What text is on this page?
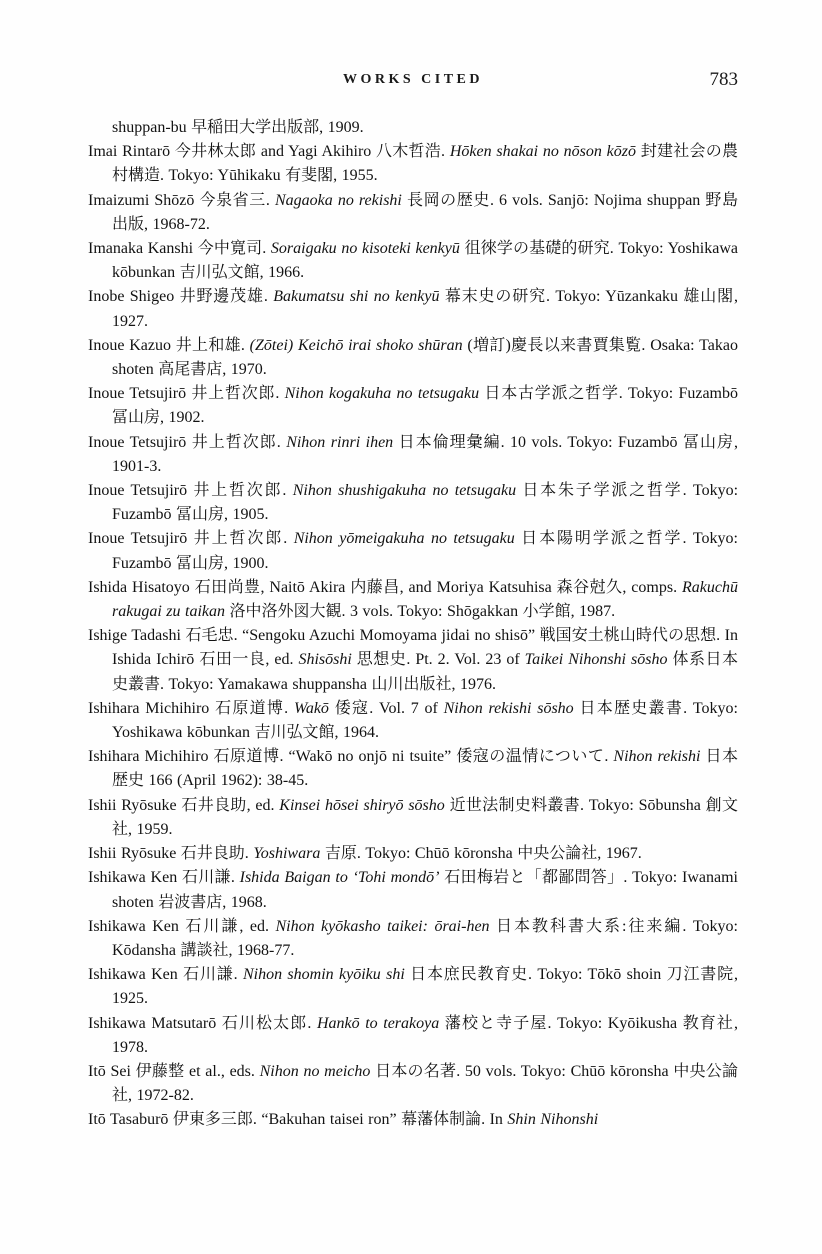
WORKS CITED	783

shuppan-bu 早稲田大学出版部, 1909.

Imai Rintarō 今井林太郎 and Yagi Akihiro 八木哲浩. Hōken shakai no nōson kōzō 封建社会の農村構造. Tokyo: Yūhikaku 有斐閣, 1955.

Imaizumi Shōzō 今泉省三. Nagaoka no rekishi 長岡の歴史. 6 vols. Sanjō: Nojima shuppan 野島出版, 1968-72.

Imanaka Kanshi 今中寛司. Soraigaku no kisoteki kenkyū 徂徠学の基礎的研究. Tokyo: Yoshikawa kōbunkan 吉川弘文館, 1966.

Inobe Shigeo 井野邊茂雄. Bakumatsu shi no kenkyū 幕末史の研究. Tokyo: Yūzankaku 雄山閣, 1927.

Inoue Kazuo 井上和雄. (Zōtei) Keichō irai shoko shūran (増訂)慶長以来書賈集覧. Osaka: Takao shoten 高尾書店, 1970.

Inoue Tetsujirō 井上哲次郎. Nihon kogakuha no tetsugaku 日本古学派之哲学. Tokyo: Fuzambō 冨山房, 1902.

Inoue Tetsujirō 井上哲次郎. Nihon rinri ihen 日本倫理彙編. 10 vols. Tokyo: Fuzambō 冨山房, 1901-3.

Inoue Tetsujirō 井上哲次郎. Nihon shushigakuha no tetsugaku 日本朱子学派之哲学. Tokyo: Fuzambō 冨山房, 1905.

Inoue Tetsujirō 井上哲次郎. Nihon yōmeigakuha no tetsugaku 日本陽明学派之哲学. Tokyo: Fuzambō 冨山房, 1900.

Ishida Hisatoyo 石田尚豊, Naitō Akira 内藤昌, and Moriya Katsuhisa 森谷尅久, comps. Rakuchū rakugai zu taikan 洛中洛外図大観. 3 vols. Tokyo: Shōgakkan 小学館, 1987.

Ishige Tadashi 石毛忠. “Sengoku Azuchi Momoyama jidai no shisō” 戦国安土桃山時代の思想. In Ishida Ichirō 石田一良, ed. Shisōshi 思想史. Pt. 2. Vol. 23 of Taikei Nihonshi sōsho 体系日本史叢書. Tokyo: Yamakawa shuppansha 山川出版社, 1976.

Ishihara Michihiro 石原道博. Wakō 倭寇. Vol. 7 of Nihon rekishi sōsho 日本歴史叢書. Tokyo: Yoshikawa kōbunkan 吉川弘文館, 1964.

Ishihara Michihiro 石原道博. “Wakō no onjō ni tsuite” 倭寇の温情について. Nihon rekishi 日本歴史 166 (April 1962): 38-45.

Ishii Ryōsuke 石井良助, ed. Kinsei hōsei shiryō sōsho 近世法制史料叢書. Tokyo: Sōbunsha 創文社, 1959.

Ishii Ryōsuke 石井良助. Yoshiwara 吉原. Tokyo: Chūō kōronsha 中央公論社, 1967.

Ishikawa Ken 石川謙. Ishida Baigan to ‘Tohi mondō’ 石田梅岩と「都鄙問答」. Tokyo: Iwanami shoten 岩波書店, 1968.

Ishikawa Ken 石川謙, ed. Nihon kyōkasho taikei: ōrai-hen 日本教科書大系:往来編. Tokyo: Kōdansha 講談社, 1968-77.

Ishikawa Ken 石川謙. Nihon shomin kyōiku shi 日本庶民教育史. Tokyo: Tōkō shoin 刀江書院, 1925.

Ishikawa Matsutarō 石川松太郎. Hankō to terakoya 藩校と寺子屋. Tokyo: Kyōikusha 教育社, 1978.

Itō Sei 伊藤整 et al., eds. Nihon no meicho 日本の名著. 50 vols. Tokyo: Chūō kōronsha 中央公論社, 1972-82.

Itō Tasaburō 伊東多三郎. “Bakuhan taisei ron” 幕藩体制論. In Shin Nihonshi
